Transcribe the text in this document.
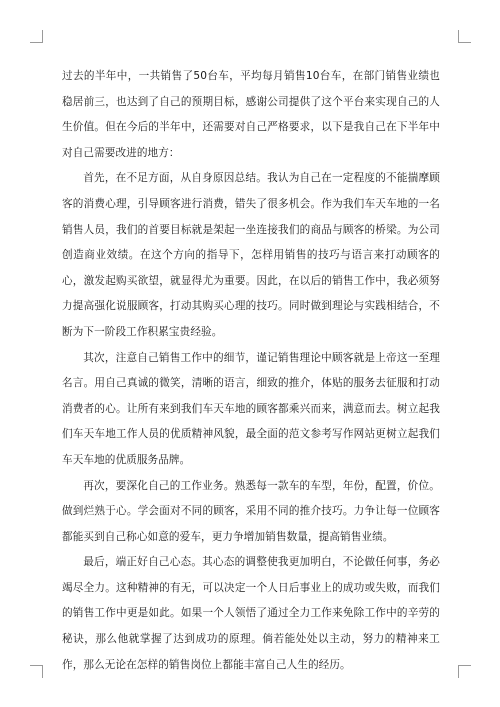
过去的半年中，一共销售了50台车，平均每月销售10台车，在部门销售业绩也稳居前三，也达到了自己的预期目标，感谢公司提供了这个平台来实现自己的人生价值。但在今后的半年中，还需要对自己严格要求，以下是我自己在下半年中对自己需要改进的地方：

首先，在不足方面，从自身原因总结。我认为自己在一定程度的不能揣摩顾客的消费心理，引导顾客进行消费，错失了很多机会。作为我们车天车地的一名销售人员，我们的首要目标就是架起一坐连接我们的商品与顾客的桥梁。为公司创造商业效绩。在这个方向的指导下，怎样用销售的技巧与语言来打动顾客的心，激发起购买欲望，就显得尤为重要。因此，在以后的销售工作中，我必须努力提高强化说服顾客，打动其购买心理的技巧。同时做到理论与实践相结合，不断为下一阶段工作积累宝贵经验。

其次，注意自己销售工作中的细节，谨记销售理论中顾客就是上帝这一至理名言。用自己真诚的微笑，清晰的语言，细致的推介，体贴的服务去征服和打动消费者的心。让所有来到我们车天车地的顾客都乘兴而来，满意而去。树立起我们车天车地工作人员的优质精神风貌，最全面的范文参考写作网站更树立起我们车天车地的优质服务品牌。

再次，要深化自己的工作业务。熟悉每一款车的车型，年份，配置，价位。做到烂熟于心。学会面对不同的顾客，采用不同的推介技巧。力争让每一位顾客都能买到自己称心如意的爱车，更力争增加销售数量，提高销售业绩。

最后，端正好自己心态。其心态的调整使我更加明白，不论做任何事，务必竭尽全力。这种精神的有无，可以决定一个人日后事业上的成功或失败，而我们的销售工作中更是如此。如果一个人领悟了通过全力工作来免除工作中的辛劳的秘诀，那么他就掌握了达到成功的原理。倘若能处处以主动，努力的精神来工作，那么无论在怎样的销售岗位上都能丰富自己人生的经历。
